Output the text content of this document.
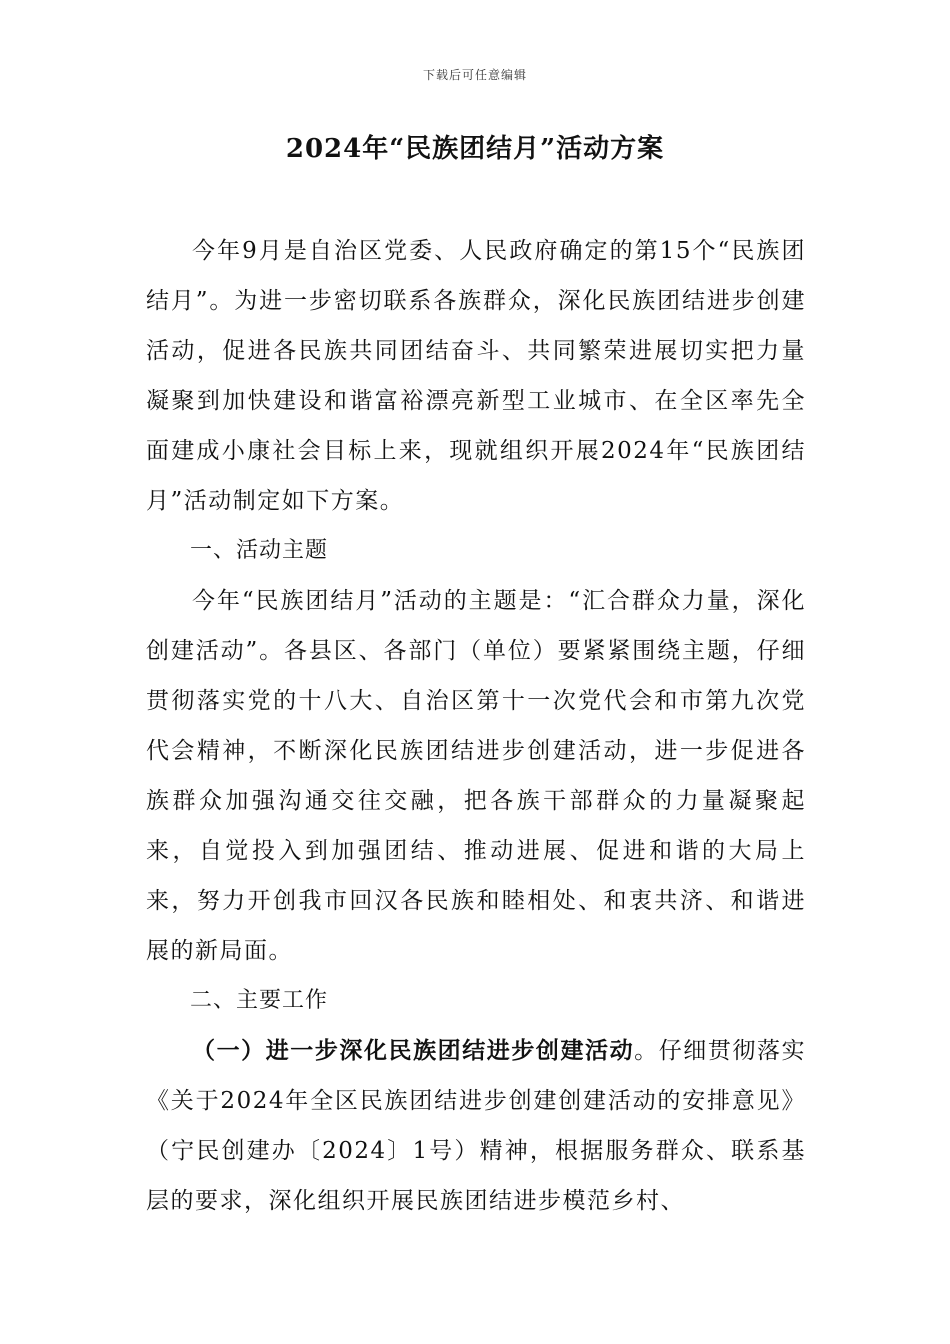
下载后可任意编辑
2024年“民族团结月”活动方案

今年9月是自治区党委、人民政府确定的第15个“民族团结月”。为进一步密切联系各族群众，深化民族团结进步创建活动，促进各民族共同团结奋斗、共同繁荣进展切实把力量凝聚到加快建设和谐富裕漂亮新型工业城市、在全区率先全面建成小康社会目标上来，现就组织开展2024年“民族团结月”活动制定如下方案。

一、活动主题

今年“民族团结月”活动的主题是：“汇合群众力量，深化创建活动”。各县区、各部门（单位）要紧紧围绕主题，仔细贯彻落实党的十八大、自治区第十一次党代会和市第九次党代会精神，不断深化民族团结进步创建活动，进一步促进各族群众加强沟通交往交融，把各族干部群众的力量凝聚起来，自觉投入到加强团结、推动进展、促进和谐的大局上来，努力开创我市回汉各民族和睦相处、和衷共济、和谐进展的新局面。

二、主要工作

（一）进一步深化民族团结进步创建活动。仔细贯彻落实《关于2024年全区民族团结进步创建创建活动的安排意见》（宁民创建办〔2024〕1号）精神，根据服务群众、联系基层的要求，深化组织开展民族团结进步模范乡村、
